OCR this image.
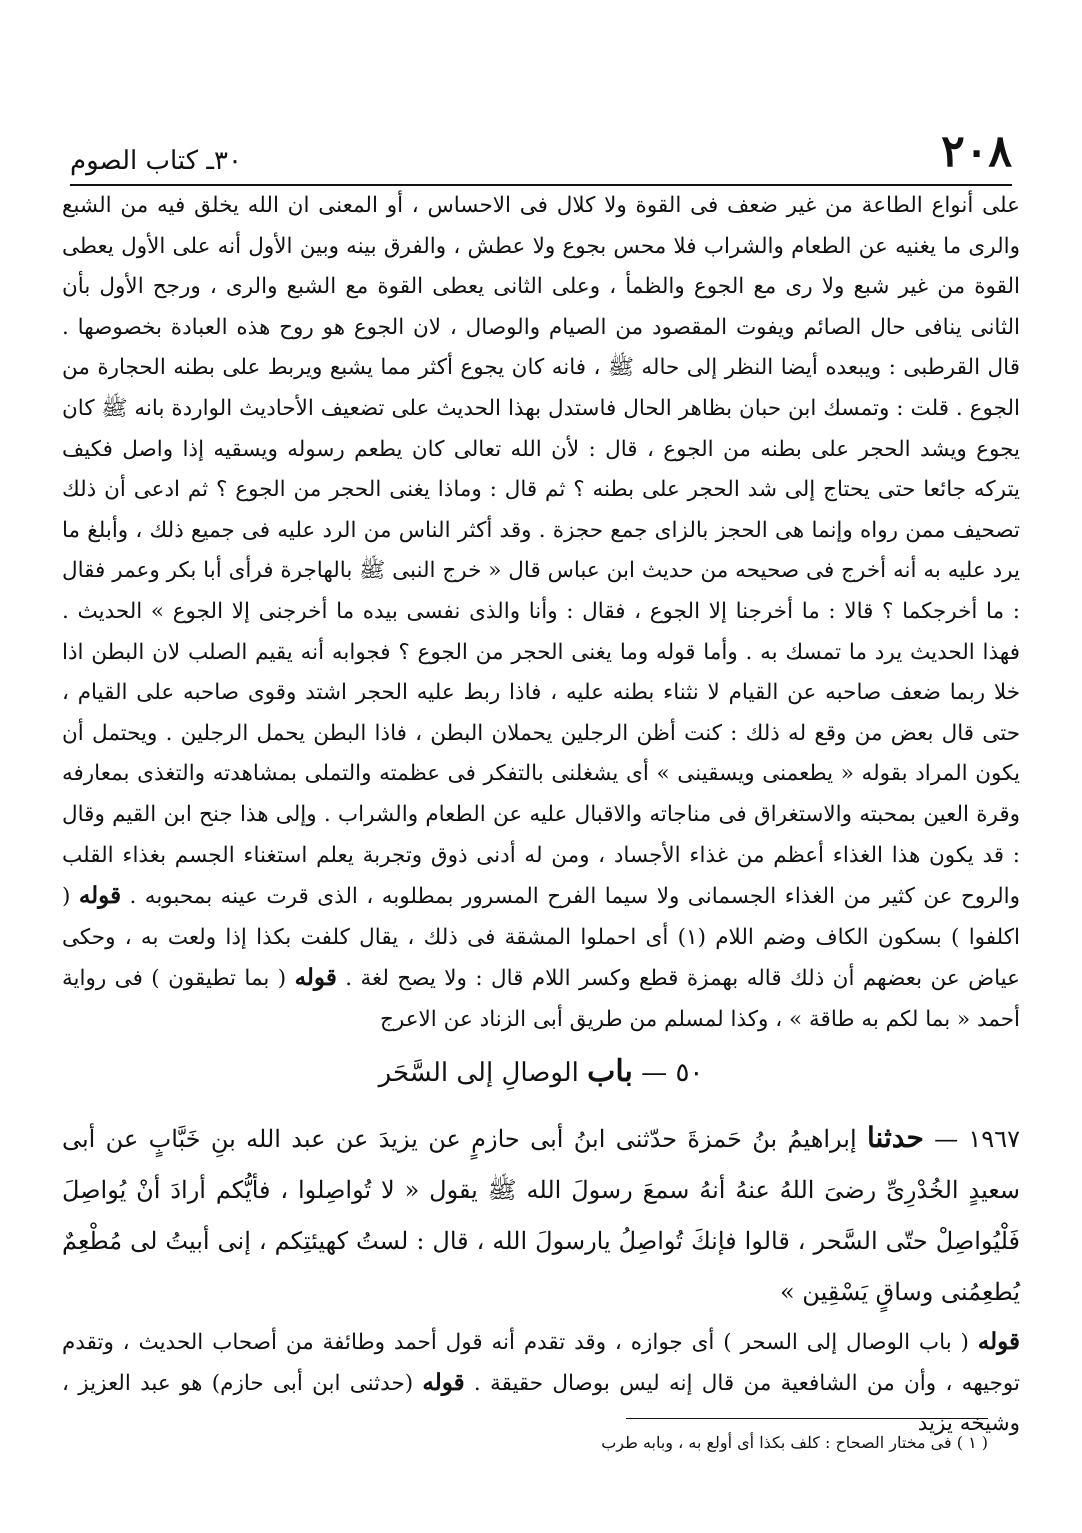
٢٠٨
٣٠ـ كتاب الصوم

على أنواع الطاعة من غير ضعف فى القوة ولا كلال فى الاحساس ، أو المعنى ان الله يخلق فيه من الشبع والرى ما يغنيه عن الطعام والشراب فلا محس بجوع ولا عطش ، والفرق بينه وبين الأول أنه على الأول يعطى القوة من غير شبع ولا رى مع الجوع والظمأ ، وعلى الثانى يعطى القوة مع الشبع والرى ، ورجح الأول بأن الثانى ينافى حال الصائم ويفوت المقصود من الصيام والوصال ، لان الجوع هو روح هذه العبادة بخصوصها . قال القرطبى : ويبعده أيضا النظر إلى حاله ﷺ ، فانه كان يجوع أكثر مما يشبع ويربط على بطنه الحجارة من الجوع . قلت : وتمسك ابن حبان بظاهر الحال فاستدل بهذا الحديث على تضعيف الأحاديث الواردة بانه ﷺ كان يجوع ويشد الحجر على بطنه من الجوع ، قال : لأن الله تعالى كان يطعم رسوله ويسقيه إذا واصل فكيف يتركه جائعا حتى يحتاج إلى شد الحجر على بطنه ؟ ثم قال : وماذا يغنى الحجر من الجوع ؟ ثم ادعى أن ذلك تصحيف ممن رواه وإنما هى الحجز بالزاى جمع حجزة . وقد أكثر الناس من الرد عليه فى جميع ذلك ، وأبلغ ما يرد عليه به أنه أخرج فى صحيحه من حديث ابن عباس قال « خرج النبى ﷺ بالهاجرة فرأى أبا بكر وعمر فقال : ما أخرجكما ؟ قالا : ما أخرجنا إلا الجوع ، فقال : وأنا والذى نفسى بيده ما أخرجنى إلا الجوع » الحديث . فهذا الحديث يرد ما تمسك به . وأما قوله وما يغنى الحجر من الجوع ؟ فجوابه أنه يقيم الصلب لان البطن اذا خلا ربما ضعف صاحبه عن القيام لا نثناء بطنه عليه ، فاذا ربط عليه الحجر اشتد وقوى صاحبه على القيام ، حتى قال بعض من وقع له ذلك : كنت أظن الرجلين يحملان البطن ، فاذا البطن يحمل الرجلين . ويحتمل أن يكون المراد بقوله « يطعمنى ويسقينى » أى يشغلنى بالتفكر فى عظمته والتملى بمشاهدته والتغذى بمعارفه وقرة العين بمحبته والاستغراق فى مناجاته والاقبال عليه عن الطعام والشراب . وإلى هذا جنح ابن القيم وقال : قد يكون هذا الغذاء أعظم من غذاء الأجساد ، ومن له أدنى ذوق وتجربة يعلم استغناء الجسم بغذاء القلب والروح عن كثير من الغذاء الجسمانى ولا سيما الفرح المسرور بمطلوبه ، الذى قرت عينه بمحبوبه . قوله ( اكلفوا ) بسكون الكاف وضم اللام (١) أى احملوا المشقة فى ذلك ، يقال كلفت بكذا إذا ولعت به ، وحكى عياض عن بعضهم أن ذلك قاله بهمزة قطع وكسر اللام قال : ولا يصح لغة . قوله ( بما تطيقون ) فى رواية أحمد « بما لكم به طاقة » ، وكذا لمسلم من طريق أبى الزناد عن الاعرج

٥٠ — باب الوصالِ إلى السَّحَر

١٩٦٧ — حدثنا إبراهيمُ بنُ حَمزةَ حدّثنى ابنُ أبى حازمٍ عن يزيدَ عن عبد الله بنِ خَبَّابٍ عن أبى سعيدٍ الخُدْرِىِّ رضىَ اللهُ عنهُ أنهُ سمعَ رسولَ الله ﷺ يقول « لا تُواصِلوا ، فأيُّكم أرادَ أنْ يُواصِلَ فَلْيُواصِلْ حتّى السَّحر ، قالوا فإنكَ تُواصِلُ يارسولَ الله ، قال : لستُ كهيئتِكم ، إنى أبيتُ لى مُطْعِمٌ يُطعِمُنى وساقٍ يَسْقِين »

قوله ( باب الوصال إلى السحر ) أى جوازه ، وقد تقدم أنه قول أحمد وطائفة من أصحاب الحديث ، وتقدم توجيهه ، وأن من الشافعية من قال إنه ليس بوصال حقيقة . قوله (حدثنى ابن أبى حازم) هو عبد العزيز ، وشيخه يزيد

( ١ ) فى مختار الصحاح : كلف بكذا أى أولع به ، وبابه طرب
